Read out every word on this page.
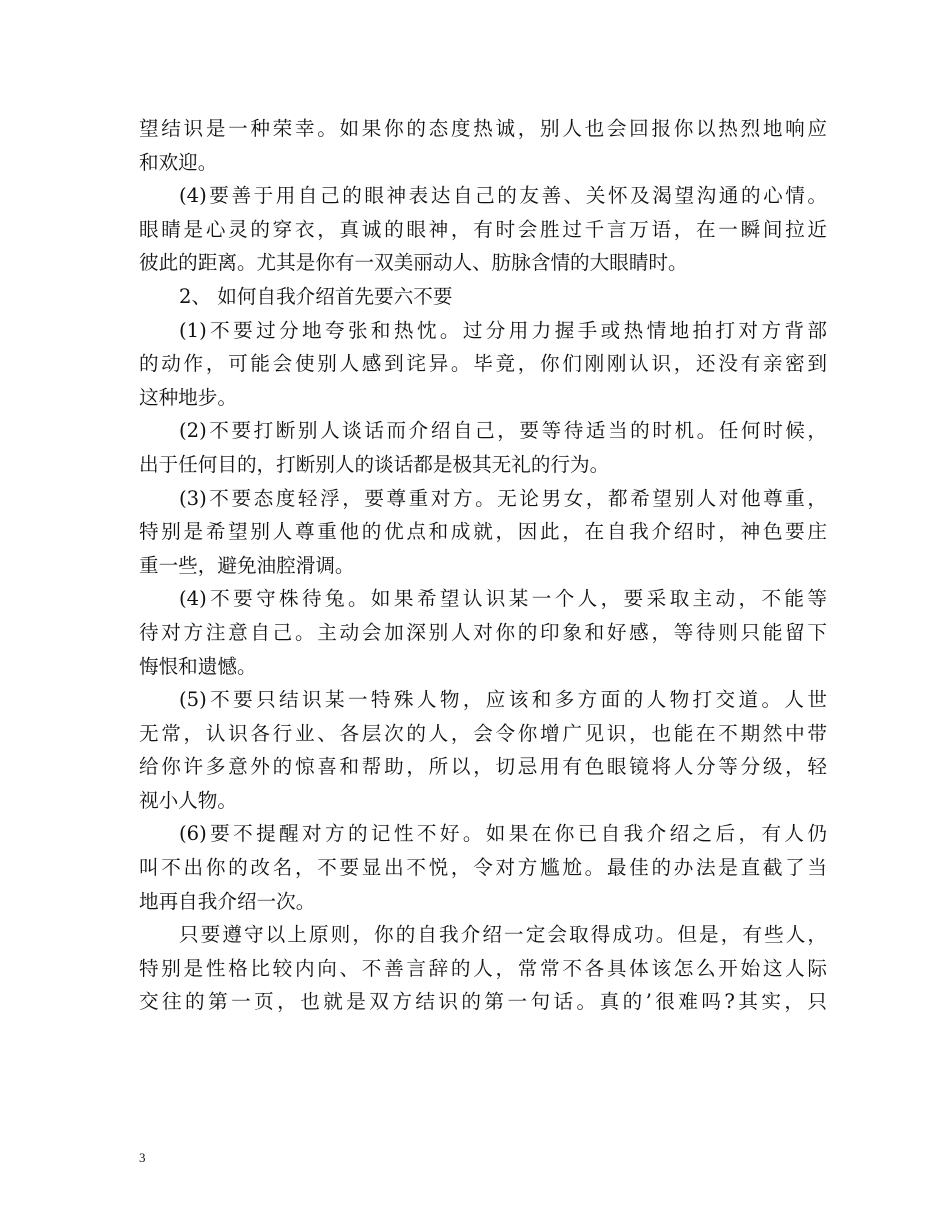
望结识是一种荣幸。如果你的态度热诚，别人也会回报你以热烈地响应
和欢迎。
(4)要善于用自己的眼神表达自己的友善、关怀及渴望沟通的心情。
眼睛是心灵的穿衣，真诚的眼神，有时会胜过千言万语，在一瞬间拉近
彼此的距离。尤其是你有一双美丽动人、肪脉含情的大眼睛时。
2、 如何自我介绍首先要六不要
(1)不要过分地夸张和热忱。过分用力握手或热情地拍打对方背部
的动作，可能会使别人感到诧异。毕竟，你们刚刚认识，还没有亲密到
这种地步。
(2)不要打断别人谈话而介绍自己，要等待适当的时机。任何时候，
出于任何目的，打断别人的谈话都是极其无礼的行为。
(3)不要态度轻浮，要尊重对方。无论男女，都希望别人对他尊重，
特别是希望别人尊重他的优点和成就，因此，在自我介绍时，神色要庄
重一些，避免油腔滑调。
(4)不要守株待兔。如果希望认识某一个人，要采取主动，不能等
待对方注意自己。主动会加深别人对你的印象和好感，等待则只能留下
悔恨和遗憾。
(5)不要只结识某一特殊人物，应该和多方面的人物打交道。人世
无常，认识各行业、各层次的人，会令你增广见识，也能在不期然中带
给你许多意外的惊喜和帮助，所以，切忌用有色眼镜将人分等分级，轻
视小人物。
(6)要不提醒对方的记性不好。如果在你已自我介绍之后，有人仍
叫不出你的改名，不要显出不悦，令对方尴尬。最佳的办法是直截了当
地再自我介绍一次。
只要遵守以上原则，你的自我介绍一定会取得成功。但是，有些人，
特别是性格比较内向、不善言辞的人，常常不各具体该怎么开始这人际
交往的第一页，也就是双方结识的第一句话。真的’很难吗?其实，只
3
